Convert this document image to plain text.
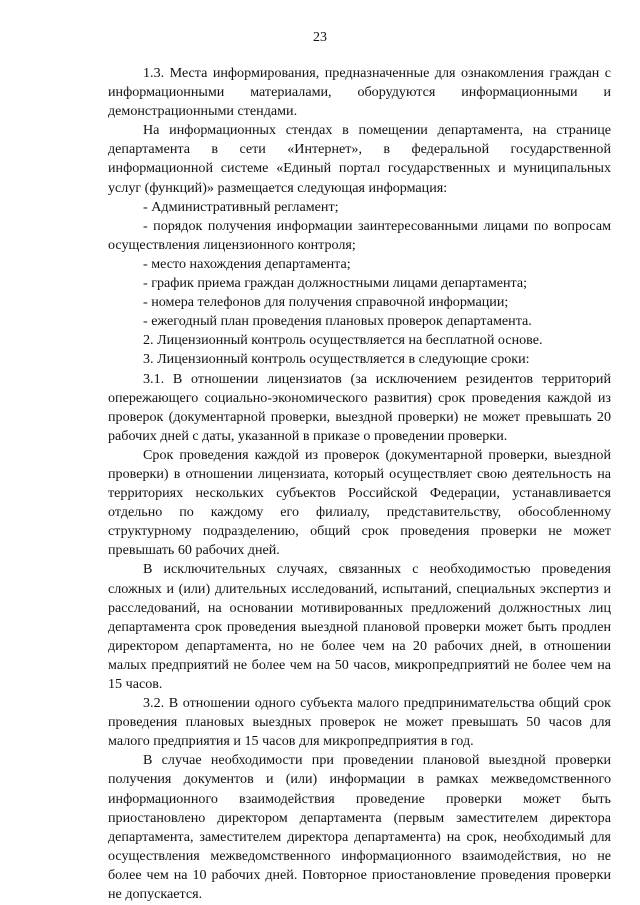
23

1.3. Места информирования, предназначенные для ознакомления граждан с информационными материалами, оборудуются информационными и демонстрационными стендами.

На информационных стендах в помещении департамента, на странице департамента в сети «Интернет», в федеральной государственной информационной системе «Единый портал государственных и муниципальных услуг (функций)» размещается следующая информация:

- Административный регламент;

- порядок получения информации заинтересованными лицами по вопросам осуществления лицензионного контроля;

- место нахождения департамента;

- график приема граждан должностными лицами департамента;

- номера телефонов для получения справочной информации;

- ежегодный план проведения плановых проверок департамента.

2. Лицензионный контроль осуществляется на бесплатной основе.

3. Лицензионный контроль осуществляется в следующие сроки:

3.1. В отношении лицензиатов (за исключением резидентов территорий опережающего социально-экономического развития) срок проведения каждой из проверок (документарной проверки, выездной проверки) не может превышать 20 рабочих дней с даты, указанной в приказе о проведении проверки.

Срок проведения каждой из проверок (документарной проверки, выездной проверки) в отношении лицензиата, который осуществляет свою деятельность на территориях нескольких субъектов Российской Федерации, устанавливается отдельно по каждому его филиалу, представительству, обособленному структурному подразделению, общий срок проведения проверки не может превышать 60 рабочих дней.

В исключительных случаях, связанных с необходимостью проведения сложных и (или) длительных исследований, испытаний, специальных экспертиз и расследований, на основании мотивированных предложений должностных лиц департамента срок проведения выездной плановой проверки может быть продлен директором департамента, но не более чем на 20 рабочих дней, в отношении малых предприятий не более чем на 50 часов, микропредприятий не более чем на 15 часов.

3.2. В отношении одного субъекта малого предпринимательства общий срок проведения плановых выездных проверок не может превышать 50 часов для малого предприятия и 15 часов для микропредприятия в год.

В случае необходимости при проведении плановой выездной проверки получения документов и (или) информации в рамках межведомственного информационного взаимодействия проведение проверки может быть приостановлено директором департамента (первым заместителем директора департамента, заместителем директора департамента) на срок, необходимый для осуществления межведомственного информационного взаимодействия, но не более чем на 10 рабочих дней. Повторное приостановление проведения проверки не допускается.
